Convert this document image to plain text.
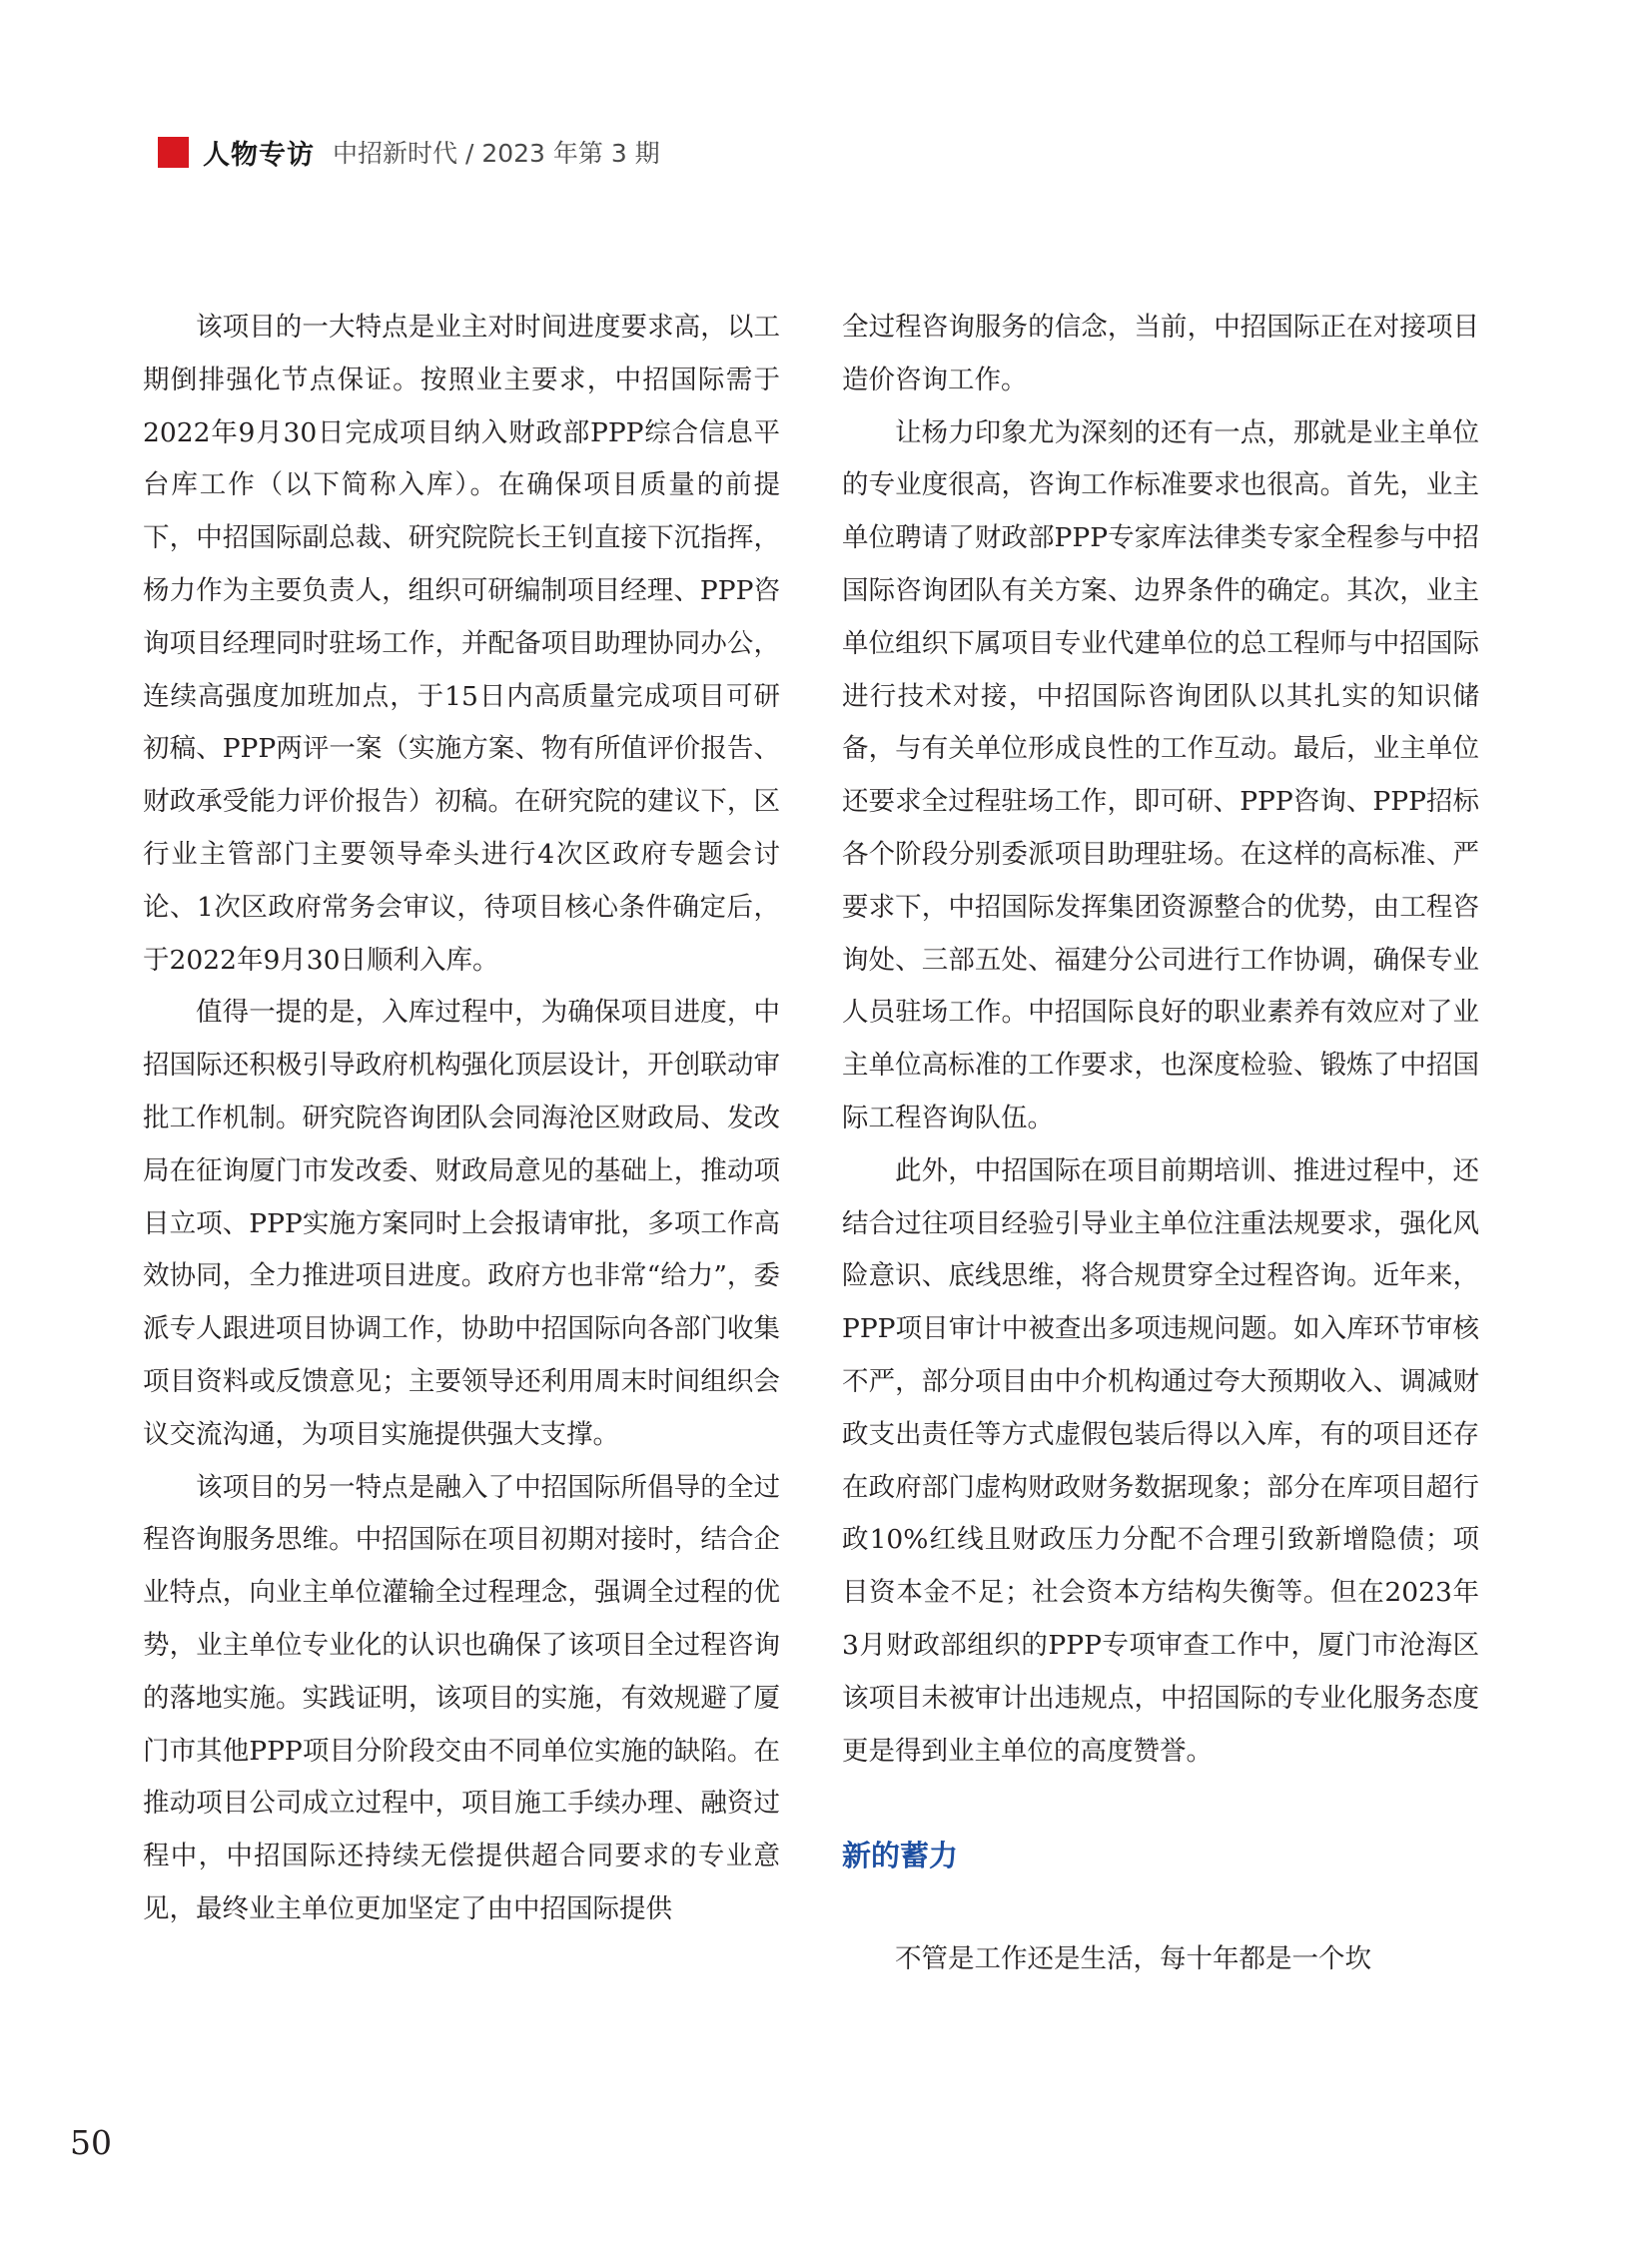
人物专访 中招新时代 / 2023 年第 3 期

该项目的一大特点是业主对时间进度要求高，以工期倒排强化节点保证。按照业主要求，中招国际需于2022年9月30日完成项目纳入财政部PPP综合信息平台库工作（以下简称入库）。在确保项目质量的前提下，中招国际副总裁、研究院院长王钊直接下沉指挥，杨力作为主要负责人，组织可研编制项目经理、PPP咨询项目经理同时驻场工作，并配备项目助理协同办公，连续高强度加班加点，于15日内高质量完成项目可研初稿、PPP两评一案（实施方案、物有所值评价报告、财政承受能力评价报告）初稿。在研究院的建议下，区行业主管部门主要领导牵头进行4次区政府专题会讨论、1次区政府常务会审议，待项目核心条件确定后，于2022年9月30日顺利入库。

值得一提的是，入库过程中，为确保项目进度，中招国际还积极引导政府机构强化顶层设计，开创联动审批工作机制。研究院咨询团队会同海沧区财政局、发改局在征询厦门市发改委、财政局意见的基础上，推动项目立项、PPP实施方案同时上会报请审批，多项工作高效协同，全力推进项目进度。政府方也非常“给力”，委派专人跟进项目协调工作，协助中招国际向各部门收集项目资料或反馈意见；主要领导还利用周末时间组织会议交流沟通，为项目实施提供强大支撑。

该项目的另一特点是融入了中招国际所倡导的全过程咨询服务思维。中招国际在项目初期对接时，结合企业特点，向业主单位灌输全过程理念，强调全过程的优势，业主单位专业化的认识也确保了该项目全过程咨询的落地实施。实践证明，该项目的实施，有效规避了厦门市其他PPP项目分阶段交由不同单位实施的缺陷。在推动项目公司成立过程中，项目施工手续办理、融资过程中，中招国际还持续无偿提供超合同要求的专业意见，最终业主单位更加坚定了由中招国际提供

全过程咨询服务的信念，当前，中招国际正在对接项目造价咨询工作。

让杨力印象尤为深刻的还有一点，那就是业主单位的专业度很高，咨询工作标准要求也很高。首先，业主单位聘请了财政部PPP专家库法律类专家全程参与中招国际咨询团队有关方案、边界条件的确定。其次，业主单位组织下属项目专业代建单位的总工程师与中招国际进行技术对接，中招国际咨询团队以其扎实的知识储备，与有关单位形成良性的工作互动。最后，业主单位还要求全过程驻场工作，即可研、PPP咨询、PPP招标各个阶段分别委派项目助理驻场。在这样的高标准、严要求下，中招国际发挥集团资源整合的优势，由工程咨询处、三部五处、福建分公司进行工作协调，确保专业人员驻场工作。中招国际良好的职业素养有效应对了业主单位高标准的工作要求，也深度检验、锻炼了中招国际工程咨询队伍。

此外，中招国际在项目前期培训、推进过程中，还结合过往项目经验引导业主单位注重法规要求，强化风险意识、底线思维，将合规贯穿全过程咨询。近年来，PPP项目审计中被查出多项违规问题。如入库环节审核不严，部分项目由中介机构通过夸大预期收入、调减财政支出责任等方式虚假包装后得以入库，有的项目还存在政府部门虚构财政财务数据现象；部分在库项目超行政10%红线且财政压力分配不合理引致新增隐债；项目资本金不足；社会资本方结构失衡等。但在2023年3月财政部组织的PPP专项审查工作中，厦门市沧海区该项目未被审计出违规点，中招国际的专业化服务态度更是得到业主单位的高度赞誉。

新的蓄力

不管是工作还是生活，每十年都是一个坎

50
